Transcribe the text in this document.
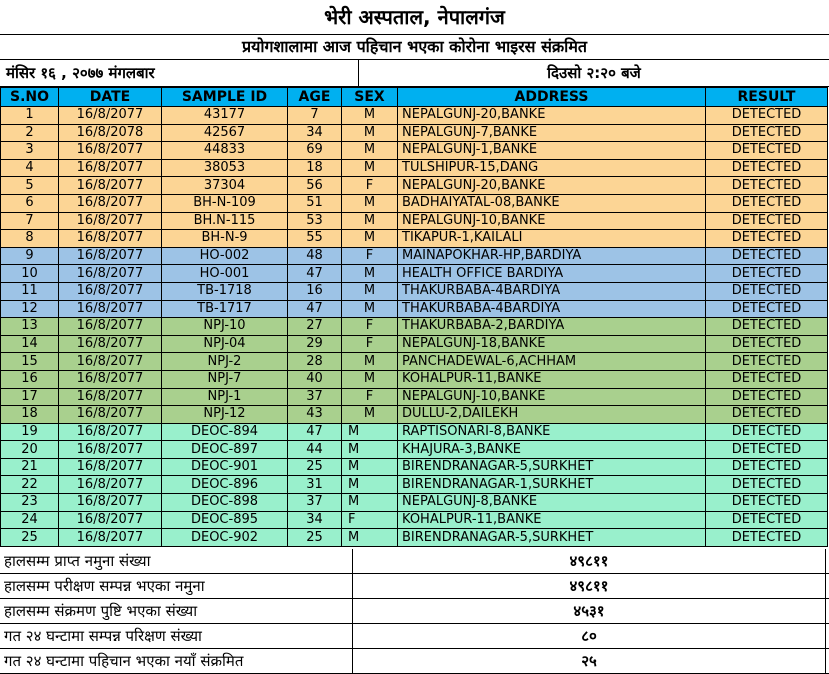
भेरी अस्पताल, नेपालगंज
प्रयोगशालामा आज पहिचान भएका कोरोना भाइरस संक्रमित
मंसिर १६ , २०७७ मंगलबार	दिउसो २:२० बजे
S.NO	DATE	SAMPLE ID	AGE	SEX	ADDRESS	RESULT
1	16/8/2077	43177	7	M	NEPALGUNJ-20,BANKE	DETECTED
2	16/8/2078	42567	34	M	NEPALGUNJ-7,BANKE	DETECTED
3	16/8/2077	44833	69	M	NEPALGUNJ-1,BANKE	DETECTED
4	16/8/2077	38053	18	M	TULSHIPUR-15,DANG	DETECTED
5	16/8/2077	37304	56	F	NEPALGUNJ-20,BANKE	DETECTED
6	16/8/2077	BH-N-109	51	M	BADHAIYATAL-08,BANKE	DETECTED
7	16/8/2077	BH.N-115	53	M	NEPALGUNJ-10,BANKE	DETECTED
8	16/8/2077	BH-N-9	55	M	TIKAPUR-1,KAILALI	DETECTED
9	16/8/2077	HO-002	48	F	MAINAPOKHAR-HP,BARDIYA	DETECTED
10	16/8/2077	HO-001	47	M	HEALTH OFFICE BARDIYA	DETECTED
11	16/8/2077	TB-1718	16	M	THAKURBABA-4BARDIYA	DETECTED
12	16/8/2077	TB-1717	47	M	THAKURBABA-4BARDIYA	DETECTED
13	16/8/2077	NPJ-10	27	F	THAKURBABA-2,BARDIYA	DETECTED
14	16/8/2077	NPJ-04	29	F	NEPALGUNJ-18,BANKE	DETECTED
15	16/8/2077	NPJ-2	28	M	PANCHADEWAL-6,ACHHAM	DETECTED
16	16/8/2077	NPJ-7	40	M	KOHALPUR-11,BANKE	DETECTED
17	16/8/2077	NPJ-1	37	F	NEPALGUNJ-10,BANKE	DETECTED
18	16/8/2077	NPJ-12	43	M	DULLU-2,DAILEKH	DETECTED
19	16/8/2077	DEOC-894	47	M	RAPTISONARI-8,BANKE	DETECTED
20	16/8/2077	DEOC-897	44	M	KHAJURA-3,BANKE	DETECTED
21	16/8/2077	DEOC-901	25	M	BIRENDRANAGAR-5,SURKHET	DETECTED
22	16/8/2077	DEOC-896	31	M	BIRENDRANAGAR-1,SURKHET	DETECTED
23	16/8/2077	DEOC-898	37	M	NEPALGUNJ-8,BANKE	DETECTED
24	16/8/2077	DEOC-895	34	F	KOHALPUR-11,BANKE	DETECTED
25	16/8/2077	DEOC-902	25	M	BIRENDRANAGAR-5,SURKHET	DETECTED
हालसम्म प्राप्त नमुना संख्या	४९८११
हालसम्म परीक्षण सम्पन्न भएका नमुना	४९८११
हालसम्म संक्रमण पुष्टि भएका संख्या	४५३१
गत २४ घन्टामा सम्पन्न परिक्षण संख्या	८०
गत २४ घन्टामा पहिचान भएका नयाँ संक्रमित	२५
